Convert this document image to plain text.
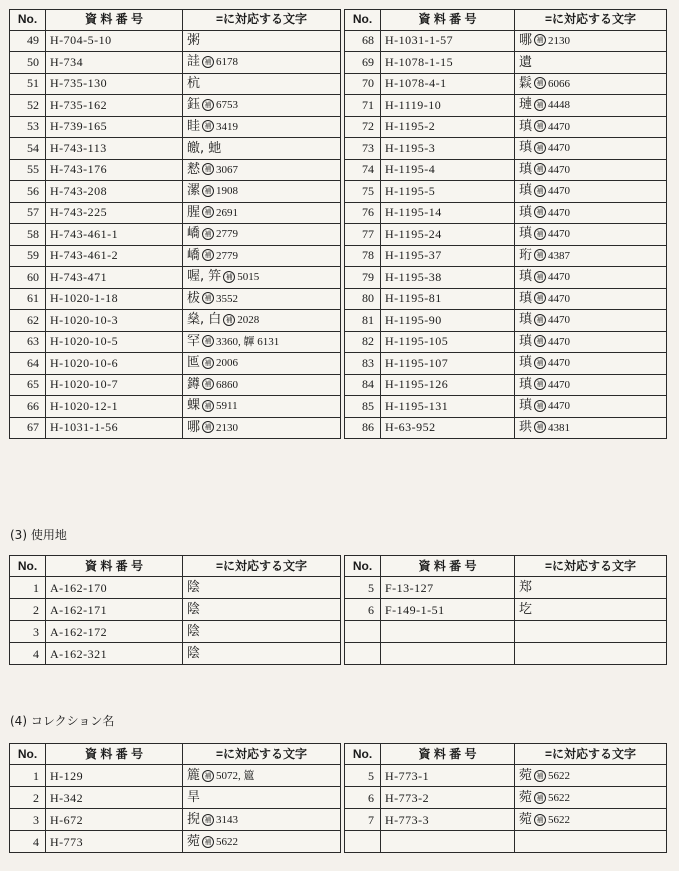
No.	資 料 番 号	=に対応する文字		No.	資 料 番 号	=に対応する文字
49	H-704-5-10	粥		68	H-1031-1-57	哪 補 2130
50	H-734	詿 補 6178		69	H-1078-1-15	遺
51	H-735-130	杭		70	H-1078-4-1	鬏 補 6066
52	H-735-162	鈺 補 6753		71	H-1119-10	璉 補 4448
53	H-739-165	眭 補 3419		72	H-1195-2	瑱 補 4470
54	H-743-113	皦, 虵		73	H-1195-3	瑱 補 4470
55	H-743-176	慭 補 3067		74	H-1195-4	瑱 補 4470
56	H-743-208	漯 補 1908		75	H-1195-5	瑱 補 4470
57	H-743-225	腥 補 2691		76	H-1195-14	瑱 補 4470
58	H-743-461-1	嶠 補 2779		77	H-1195-24	瑱 補 4470
59	H-743-461-2	嶠 補 2779		78	H-1195-37	珩 補 4387
60	H-743-471	喔, 笄 補 5015		79	H-1195-38	瑱 補 4470
61	H-1020-1-18	柭 補 3552		80	H-1195-81	瑱 補 4470
62	H-1020-10-3	燊, 白 補 2028		81	H-1195-90	瑱 補 4470
63	H-1020-10-5	罕 補 3360, 韗 6131		82	H-1195-105	瑱 補 4470
64	H-1020-10-6	匜 補 2006		83	H-1195-107	瑱 補 4470
65	H-1020-10-7	鐏 補 6860		84	H-1195-126	瑱 補 4470
66	H-1020-12-1	蜾 補 5911		85	H-1195-131	瑱 補 4470
67	H-1031-1-56	哪 補 2130		86	H-63-952	珙 補 4381
(3) 使用地
No.	資 料 番 号	=に対応する文字		No.	資 料 番 号	=に対応する文字
1	A-162-170	陰		5	F-13-127	郑
2	A-162-171	陰		6	F-149-1-51	圪
3	A-162-172	陰				
4	A-162-321	陰				
(4) コレクション名
No.	資 料 番 号	=に対応する文字		No.	資 料 番 号	=に対応する文字
1	H-129	簏 補 5072, 簄		5	H-773-1	菀 補 5622
2	H-342	旱		6	H-773-2	菀 補 5622
3	H-672	掜 補 3143		7	H-773-3	菀 補 5622
4	H-773	菀 補 5622				
